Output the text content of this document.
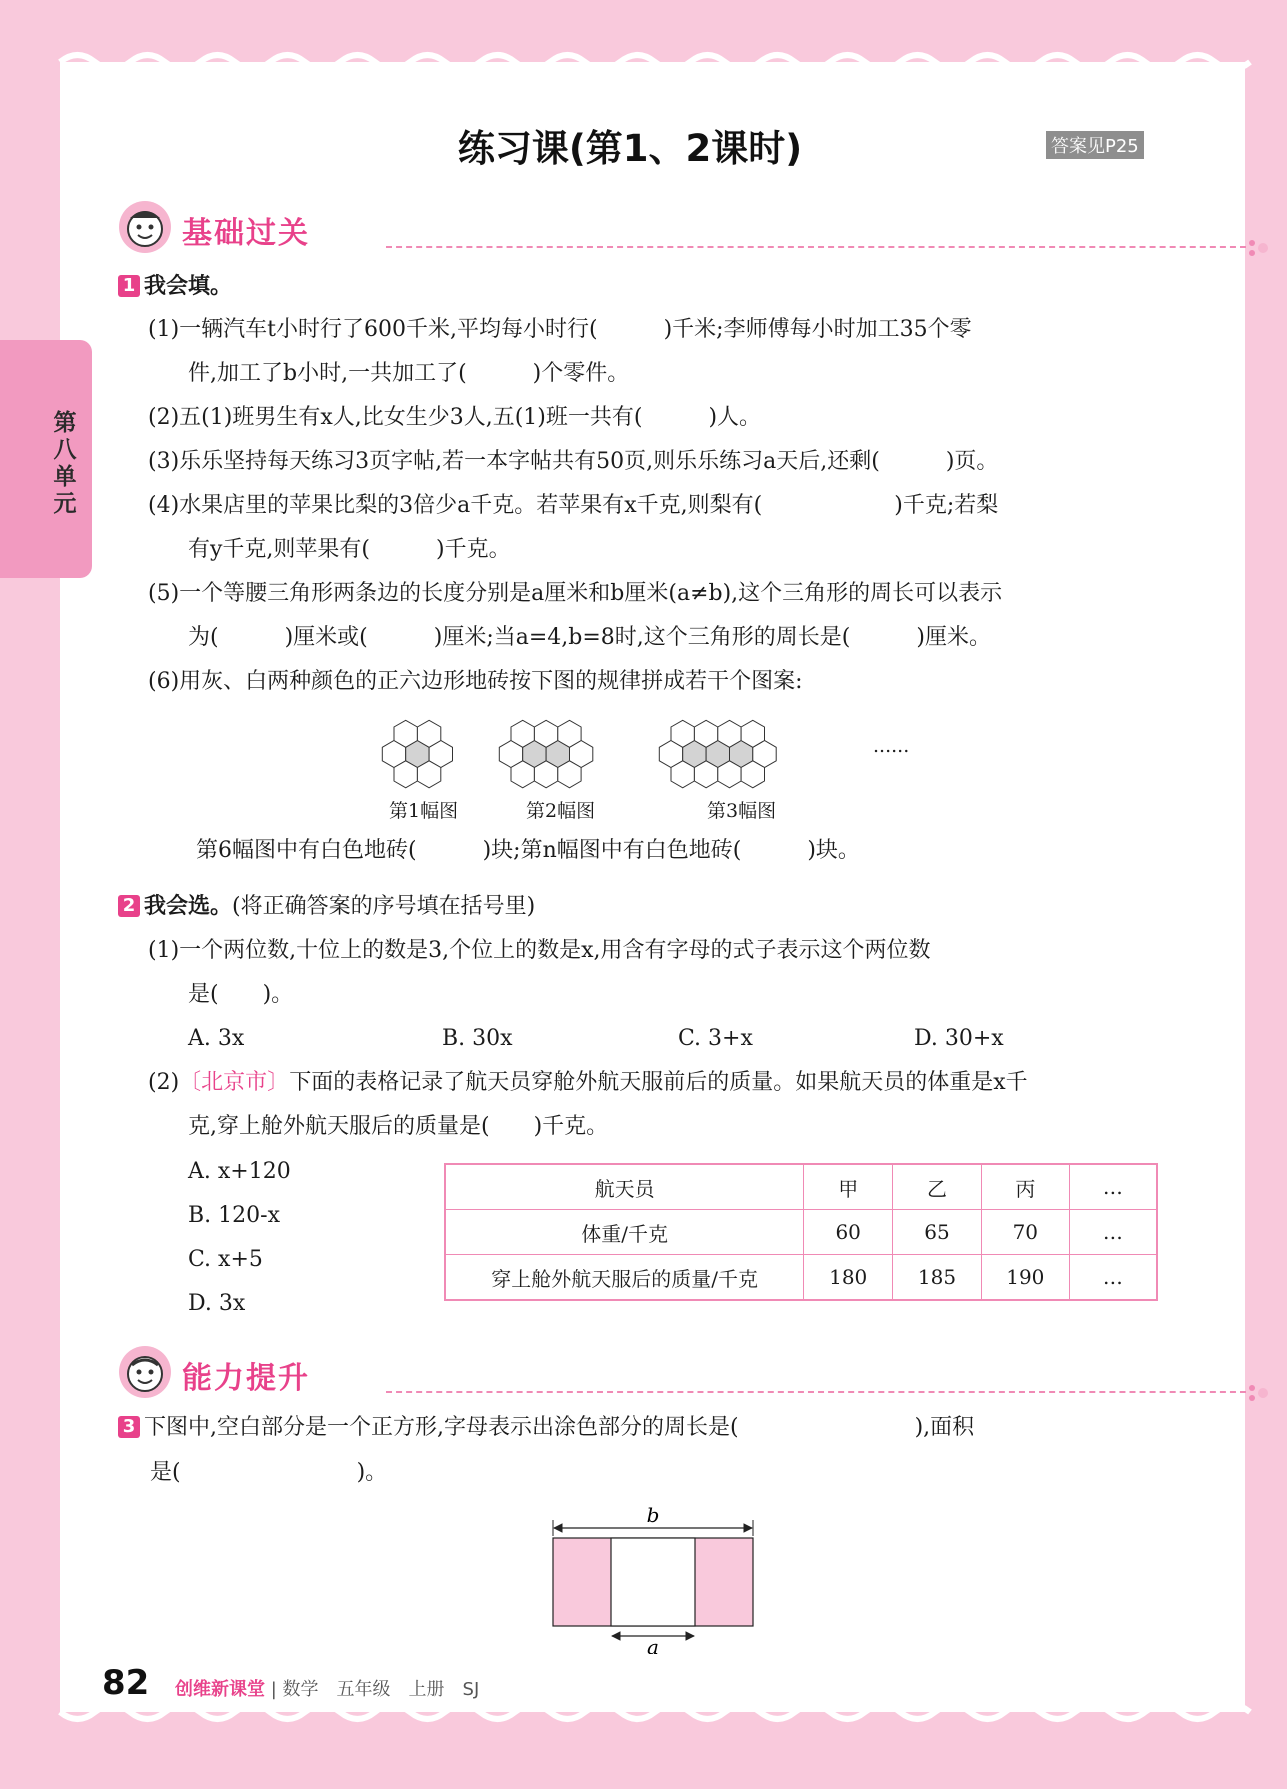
第八单元
练习课(第1、2课时)	答案见P25
基础过关
1 我会填。
(1)一辆汽车t小时行了600千米,平均每小时行(　　　)千米;李师傅每小时加工35个零
件,加工了b小时,一共加工了(　　　)个零件。
(2)五(1)班男生有x人,比女生少3人,五(1)班一共有(　　　)人。
(3)乐乐坚持每天练习3页字帖,若一本字帖共有50页,则乐乐练习a天后,还剩(　　　)页。
(4)水果店里的苹果比梨的3倍少a千克。若苹果有x千克,则梨有(　　　　　　)千克;若梨
有y千克,则苹果有(　　　)千克。
(5)一个等腰三角形两条边的长度分别是a厘米和b厘米(a≠b),这个三角形的周长可以表示
为(　　　)厘米或(　　　)厘米;当a=4,b=8时,这个三角形的周长是(　　　)厘米。
(6)用灰、白两种颜色的正六边形地砖按下图的规律拼成若干个图案:
第1幅图	第2幅图	第3幅图
......
第6幅图中有白色地砖(　　　)块;第n幅图中有白色地砖(　　　)块。
2 我会选。(将正确答案的序号填在括号里)
(1)一个两位数,十位上的数是3,个位上的数是x,用含有字母的式子表示这个两位数
是(　　)。
A. 3x	B. 30x	C. 3+x	D. 30+x
(2)〔北京市〕下面的表格记录了航天员穿舱外航天服前后的质量。如果航天员的体重是x千
克,穿上舱外航天服后的质量是(　　)千克。
A. x+120
B. 120-x
C. x+5
D. 3x
航天员	甲	乙	丙	…
体重/千克	60	65	70	…
穿上舱外航天服后的质量/千克	180	185	190	…
能力提升
3 下图中,空白部分是一个正方形,字母表示出涂色部分的周长是(　　　　　　　　),面积
是(　　　　　　　　)。
b
a
82 创维新课堂 | 数学　五年级　上册　SJ
